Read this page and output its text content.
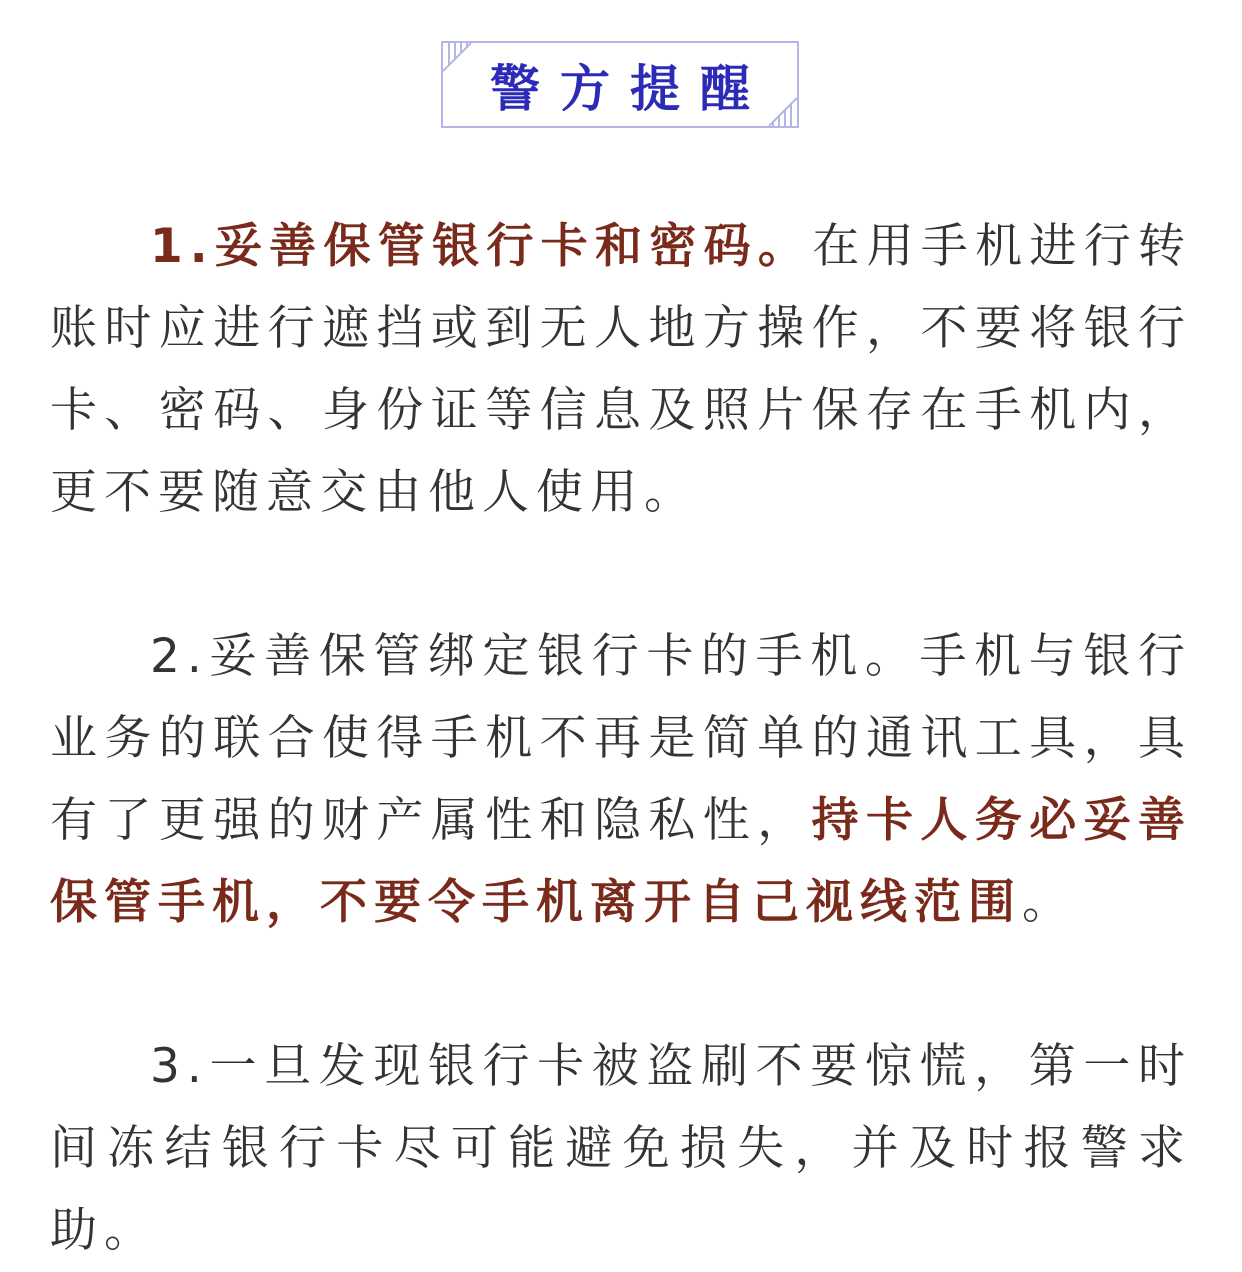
警方提醒

1.妥善保管银行卡和密码。在用手机进行转账时应进行遮挡或到无人地方操作，不要将银行卡、密码、身份证等信息及照片保存在手机内，更不要随意交由他人使用。

2.妥善保管绑定银行卡的手机。手机与银行业务的联合使得手机不再是简单的通讯工具，具有了更强的财产属性和隐私性，持卡人务必妥善保管手机，不要令手机离开自己视线范围。

3.一旦发现银行卡被盗刷不要惊慌，第一时间冻结银行卡尽可能避免损失，并及时报警求助。
